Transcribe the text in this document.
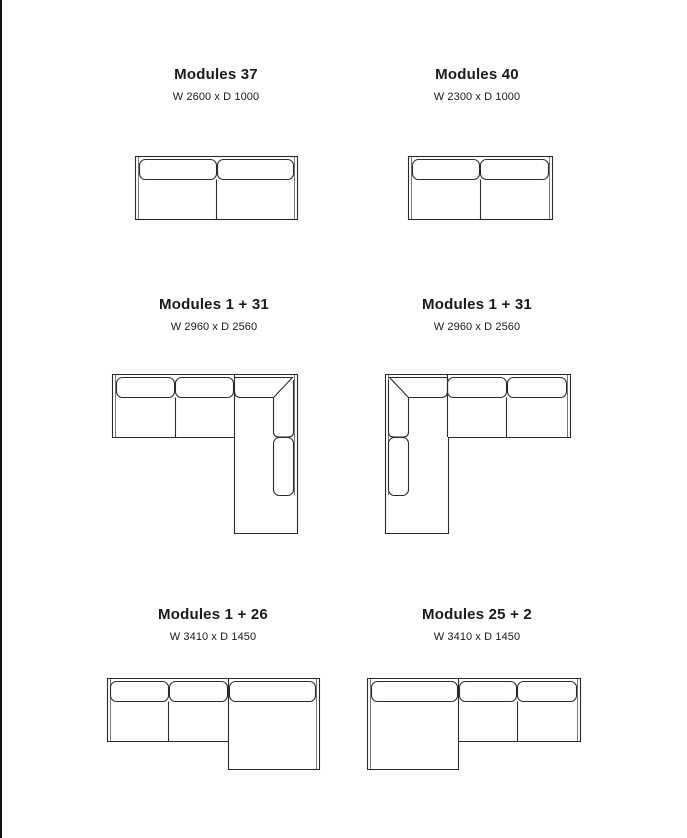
Modules 37
W 2600 x D 1000
Modules 40
W 2300 x D 1000
Modules 1 + 31
W 2960 x D 2560
Modules 1 + 31
W 2960 x D 2560
Modules 1 + 26
W 3410 x D 1450
Modules 25 + 2
W 3410 x D 1450
